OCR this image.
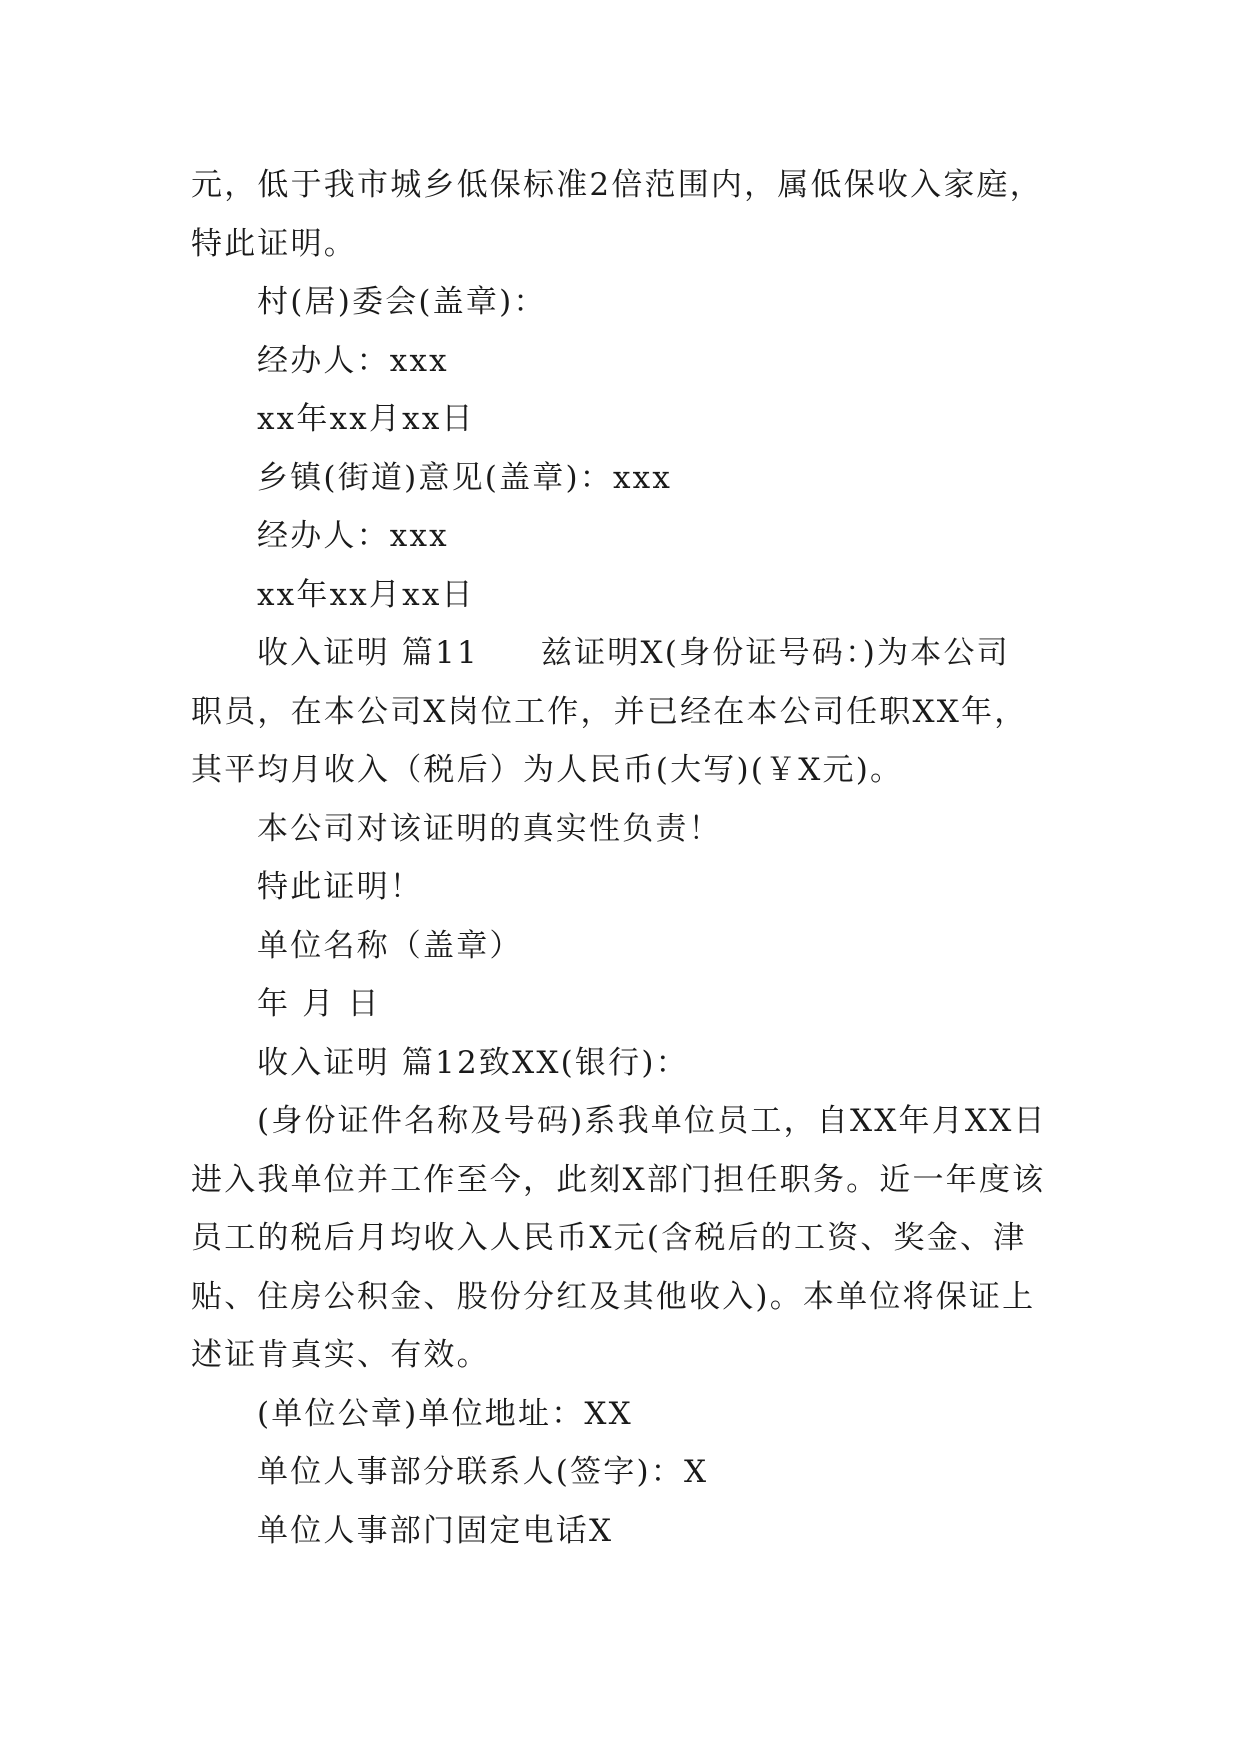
元，低于我市城乡低保标准2倍范围内，属低保收入家庭，
特此证明。
村(居)委会(盖章)：
经办人：xxx
xx年xx月xx日
乡镇(街道)意见(盖章)：xxx
经办人：xxx
xx年xx月xx日
收入证明 篇11 兹证明X(身份证号码：)为本公司
职员，在本公司X岗位工作，并已经在本公司任职XX年，
其平均月收入（税后）为人民币(大写)(￥X元)。
本公司对该证明的真实性负责！
特此证明！
单位名称（盖章）
年 月 日
收入证明 篇12致XX(银行)：
(身份证件名称及号码)系我单位员工，自XX年月XX日
进入我单位并工作至今，此刻X部门担任职务。近一年度该
员工的税后月均收入人民币X元(含税后的工资、奖金、津
贴、住房公积金、股份分红及其他收入)。本单位将保证上
述证肯真实、有效。
(单位公章)单位地址：XX
单位人事部分联系人(签字)：X
单位人事部门固定电话X
